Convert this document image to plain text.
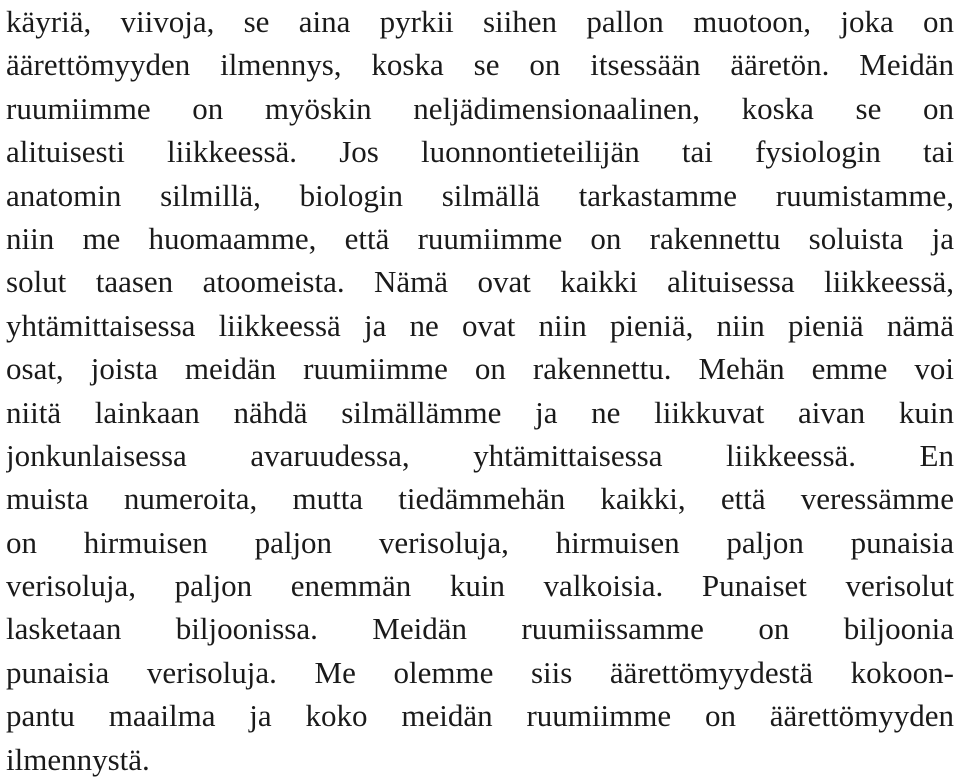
käyriä, viivoja, se aina pyrkii siihen pallon muotoon, joka on
äärettömyyden ilmennys, koska se on itsessään ääretön. Meidän
ruumiimme on myöskin neljädimensionaalinen, koska se on
alituisesti liikkeessä. Jos luonnontieteilijän tai fysiologin tai
anatomin silmillä, biologin silmällä tarkastamme ruumistamme,
niin me huomaamme, että ruumiimme on rakennettu soluista ja
solut taasen atoomeista. Nämä ovat kaikki alituisessa liikkeessä,
yhtämittaisessa liikkeessä ja ne ovat niin pieniä, niin pieniä nämä
osat, joista meidän ruumiimme on rakennettu. Mehän emme voi
niitä lainkaan nähdä silmällämme ja ne liikkuvat aivan kuin
jonkunlaisessa avaruudessa, yhtämittaisessa liikkeessä. En
muista numeroita, mutta tiedämmehän kaikki, että veressämme
on hirmuisen paljon verisoluja, hirmuisen paljon punaisia
verisoluja, paljon enemmän kuin valkoisia. Punaiset verisolut
lasketaan biljoonissa. Meidän ruumiissamme on biljoonia
punaisia verisoluja. Me olemme siis äärettömyydestä kokoon-
pantu maailma ja koko meidän ruumiimme on äärettömyyden
ilmennystä.
